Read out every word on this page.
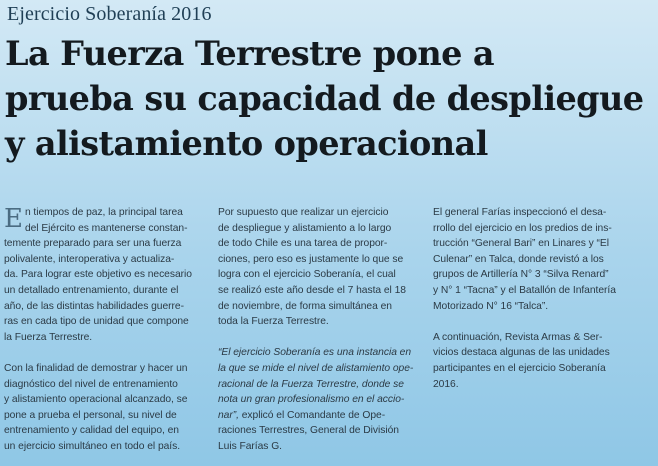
Ejercicio Soberanía 2016
La Fuerza Terrestre pone a
prueba su capacidad de despliegue
y alistamiento operacional

E n tiempos de paz, la principal tarea
del Ejército es mantenerse constan-
temente preparado para ser una fuerza
polivalente, interoperativa y actualiza-
da. Para lograr este objetivo es necesario
un detallado entrenamiento, durante el
año, de las distintas habilidades guerre-
ras en cada tipo de unidad que compone
la Fuerza Terrestre.

Con la finalidad de demostrar y hacer un
diagnóstico del nivel de entrenamiento
y alistamiento operacional alcanzado, se
pone a prueba el personal, su nivel de
entrenamiento y calidad del equipo, en
un ejercicio simultáneo en todo el país.

Por supuesto que realizar un ejercicio
de despliegue y alistamiento a lo largo
de todo Chile es una tarea de propor-
ciones, pero eso es justamente lo que se
logra con el ejercicio Soberanía, el cual
se realizó este año desde el 7 hasta el 18
de noviembre, de forma simultánea en
toda la Fuerza Terrestre.

“El ejercicio Soberanía es una instancia en
la que se mide el nivel de alistamiento ope-
racional de la Fuerza Terrestre, donde se
nota un gran profesionalismo en el accio-
nar”, explicó el Comandante de Ope-
raciones Terrestres, General de División
Luis Farías G.

El general Farías inspeccionó el desa-
rrollo del ejercicio en los predios de ins-
trucción “General Bari” en Linares y “El
Culenar” en Talca, donde revistó a los
grupos de Artillería N° 3 “Silva Renard”
y N° 1 “Tacna” y el Batallón de Infantería
Motorizado N° 16 “Talca”.

A continuación, Revista Armas & Ser-
vicios destaca algunas de las unidades
participantes en el ejercicio Soberanía
2016.
